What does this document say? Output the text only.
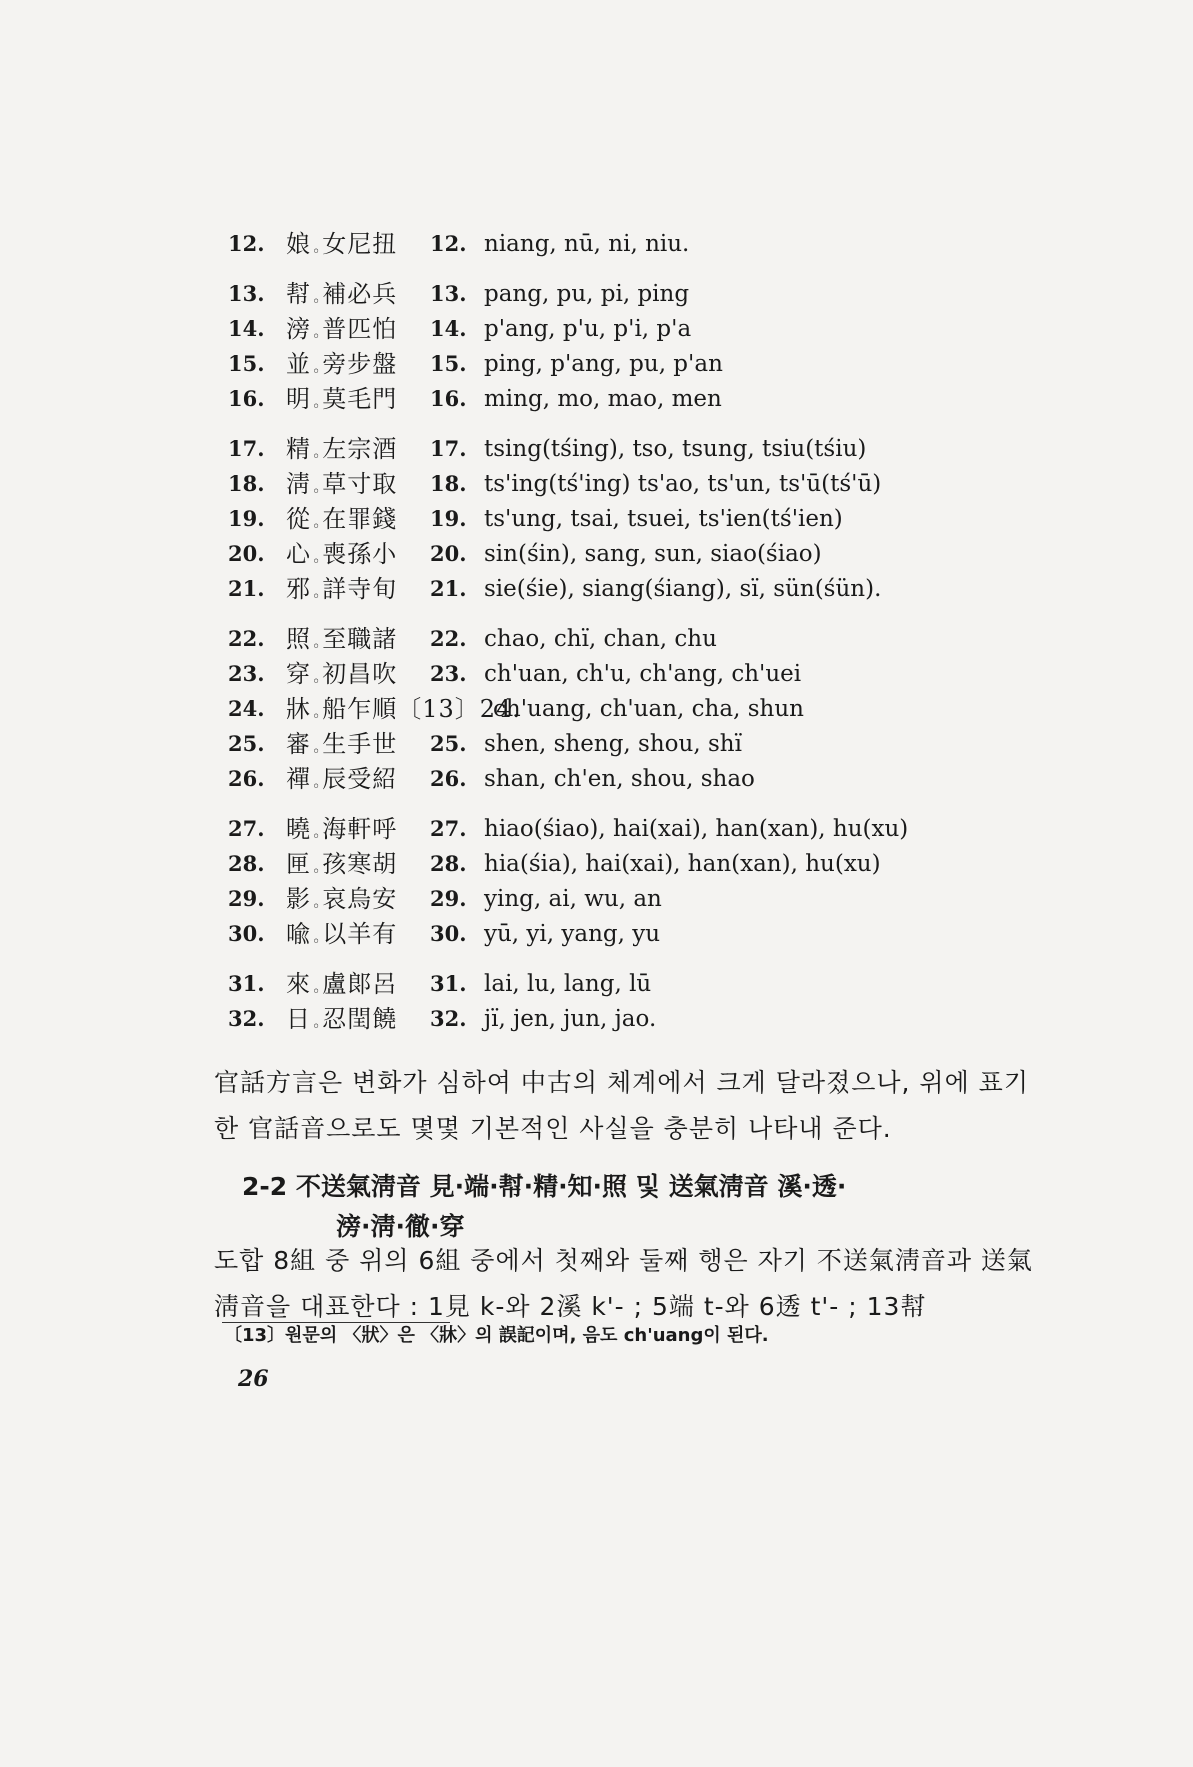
12. 娘◦女尼扭 12. niang, nū, ni, niu.
13. 幇◦補必兵 13. pang, pu, pi, ping
14. 滂◦普匹怕 14. p'ang, p'u, p'i, p'a
15. 並◦旁步盤 15. ping, p'ang, pu, p'an
16. 明◦莫毛門 16. ming, mo, mao, men
17. 精◦左宗酒 17. tsing(tśing), tso, tsung, tsiu(tśiu)
18. 淸◦草寸取 18. ts'ing(tś'ing) ts'ao, ts'un, ts'ū(tś'ū)
19. 從◦在罪錢 19. ts'ung, tsai, tsuei, ts'ien(tś'ien)
20. 心◦喪孫小 20. sin(śin), sang, sun, siao(śiao)
21. 邪◦詳寺旬 21. sie(śie), siang(śiang), sï, sün(śün).
22. 照◦至職諸 22. chao, chï, chan, chu
23. 穿◦初昌吹 23. ch'uan, ch'u, ch'ang, ch'uei
24. 牀◦船乍順〔13〕24.
ch'uang, ch'uan, cha, shun
25. 審◦生手世 25. shen, sheng, shou, shï
26. 禪◦辰受紹 26. shan, ch'en, shou, shao
27. 曉◦海軒呼 27. hiao(śiao), hai(xai), han(xan), hu(xu)
28. 匣◦孩寒胡 28. hia(śia), hai(xai), han(xan), hu(xu)
29. 影◦哀烏安 29. ying, ai, wu, an
30. 喩◦以羊有 30. yū, yi, yang, yu
31. 來◦盧郞呂 31. lai, lu, lang, lū
32. 日◦忍閏饒 32. jï, jen, jun, jao.
官話方言은 변화가 심하여 中古의 체계에서 크게 달라졌으나, 위에 표기한 官話音으로도 몇몇 기본적인 사실을 충분히 나타내 준다.
2-2 不送氣淸音 見·端·幇·精·知·照 및 送氣淸音 溪·透·
滂·淸·徹·穿
도합 8組 중 위의 6組 중에서 첫째와 둘째 행은 자기 不送氣淸音과 送氣淸音을 대표한다 : 1見 k-와 2溪 k'- ; 5端 t-와 6透 t'- ; 13幇
〔13〕원문의 〈狀〉은 〈牀〉의 誤記이며, 음도 ch'uang이 된다.
26
